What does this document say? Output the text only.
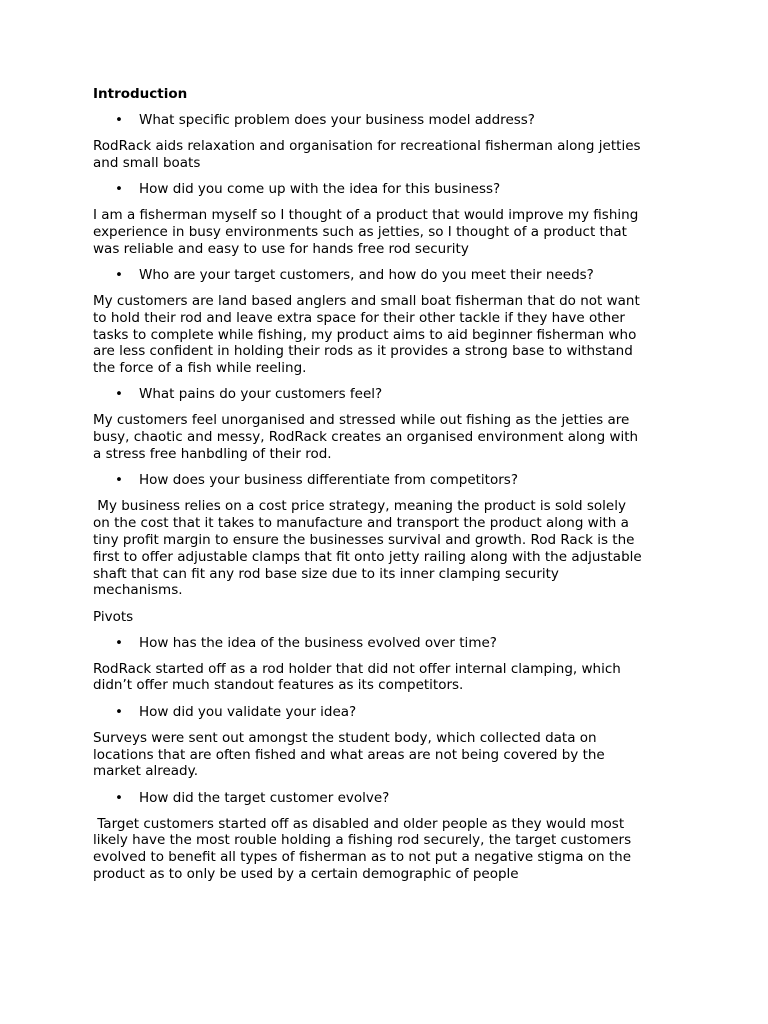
Introduction
• What specific problem does your business model address?
RodRack aids relaxation and organisation for recreational fisherman along jetties
and small boats
• How did you come up with the idea for this business?
I am a fisherman myself so I thought of a product that would improve my fishing
experience in busy environments such as jetties, so I thought of a product that
was reliable and easy to use for hands free rod security
• Who are your target customers, and how do you meet their needs?
My customers are land based anglers and small boat fisherman that do not want
to hold their rod and leave extra space for their other tackle if they have other
tasks to complete while fishing, my product aims to aid beginner fisherman who
are less confident in holding their rods as it provides a strong base to withstand
the force of a fish while reeling.
• What pains do your customers feel?
My customers feel unorganised and stressed while out fishing as the jetties are
busy, chaotic and messy, RodRack creates an organised environment along with
a stress free hanbdling of their rod.
• How does your business differentiate from competitors?
My business relies on a cost price strategy, meaning the product is sold solely
on the cost that it takes to manufacture and transport the product along with a
tiny profit margin to ensure the businesses survival and growth. Rod Rack is the
first to offer adjustable clamps that fit onto jetty railing along with the adjustable
shaft that can fit any rod base size due to its inner clamping security
mechanisms.
Pivots
• How has the idea of the business evolved over time?
RodRack started off as a rod holder that did not offer internal clamping, which
didn’t offer much standout features as its competitors.
• How did you validate your idea?
Surveys were sent out amongst the student body, which collected data on
locations that are often fished and what areas are not being covered by the
market already.
• How did the target customer evolve?
Target customers started off as disabled and older people as they would most
likely have the most rouble holding a fishing rod securely, the target customers
evolved to benefit all types of fisherman as to not put a negative stigma on the
product as to only be used by a certain demographic of people
